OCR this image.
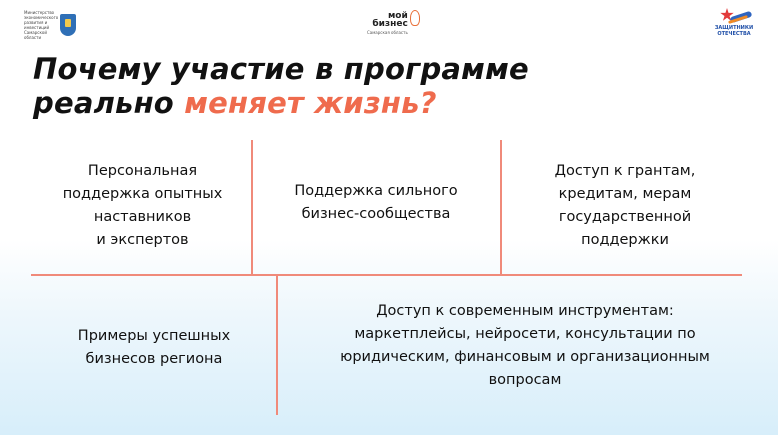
Министерство
экономического
развития и инвестиций
Самарской области
мой
бизнес
Самарская область
ЗАЩИТНИКИ
ОТЕЧЕСТВА
Почему участие в программе
реально меняет жизнь?
Персональная
поддержка опытных
наставников
и экспертов
Поддержка сильного
бизнес-сообщества
Доступ к грантам,
кредитам, мерам
государственной
поддержки
Примеры успешных
бизнесов региона
Доступ к современным инструментам:
маркетплейсы, нейросети, консультации по
юридическим, финансовым и организационным
вопросам
